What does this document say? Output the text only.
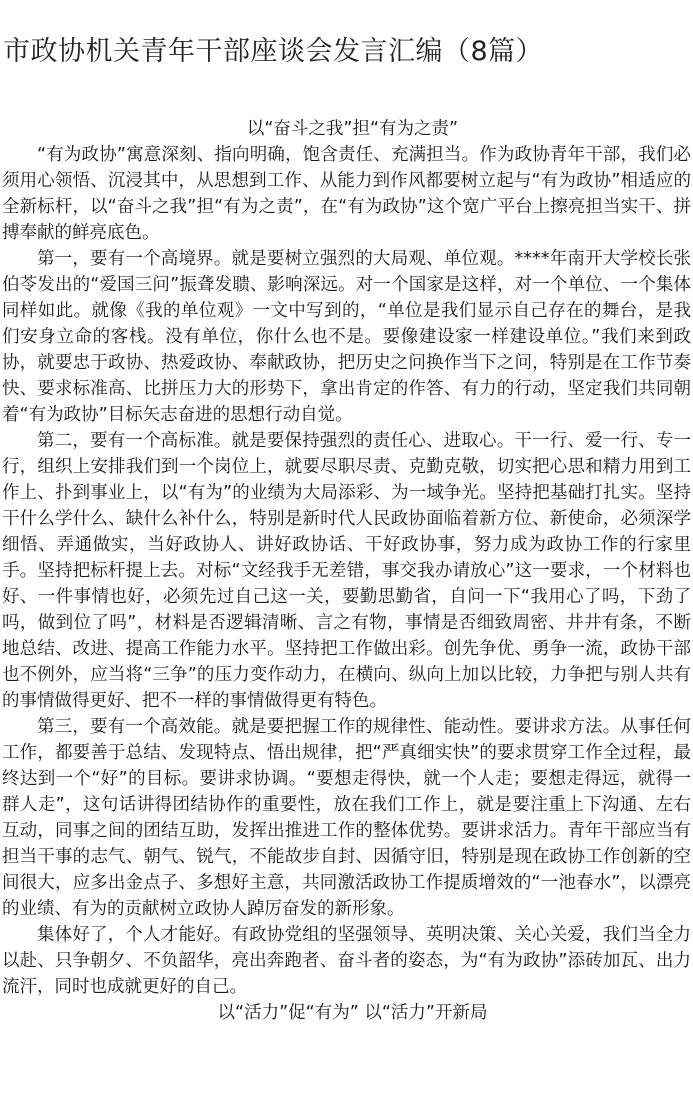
市政协机关青年干部座谈会发言汇编（8篇）

以“奋斗之我”担“有为之责”

“有为政协”寓意深刻、指向明确，饱含责任、充满担当。作为政协青年干部，我们必须用心领悟、沉浸其中，从思想到工作、从能力到作风都要树立起与“有为政协”相适应的全新标杆，以“奋斗之我”担“有为之责”，在“有为政协”这个宽广平台上擦亮担当实干、拼搏奉献的鲜亮底色。

第一，要有一个高境界。就是要树立强烈的大局观、单位观。****年南开大学校长张伯苓发出的“爱国三问”振聋发聩、影响深远。对一个国家是这样，对一个单位、一个集体同样如此。就像《我的单位观》一文中写到的，“单位是我们显示自己存在的舞台，是我们安身立命的客栈。没有单位，你什么也不是。要像建设家一样建设单位。”我们来到政协，就要忠于政协、热爱政协、奉献政协，把历史之问换作当下之问，特别是在工作节奏快、要求标准高、比拼压力大的形势下，拿出肯定的作答、有力的行动，坚定我们共同朝着“有为政协”目标矢志奋进的思想行动自觉。

第二，要有一个高标准。就是要保持强烈的责任心、进取心。干一行、爱一行、专一行，组织上安排我们到一个岗位上，就要尽职尽责、克勤克敬，切实把心思和精力用到工作上、扑到事业上，以“有为”的业绩为大局添彩、为一域争光。坚持把基础打扎实。坚持干什么学什么、缺什么补什么，特别是新时代人民政协面临着新方位、新使命，必须深学细悟、弄通做实，当好政协人、讲好政协话、干好政协事，努力成为政协工作的行家里手。坚持把标杆提上去。对标“文经我手无差错，事交我办请放心”这一要求，一个材料也好、一件事情也好，必须先过自己这一关，要勤思勤省，自问一下“我用心了吗，下劲了吗，做到位了吗”，材料是否逻辑清晰、言之有物，事情是否细致周密、井井有条，不断地总结、改进、提高工作能力水平。坚持把工作做出彩。创先争优、勇争一流，政协干部也不例外，应当将“三争”的压力变作动力，在横向、纵向上加以比较，力争把与别人共有的事情做得更好、把不一样的事情做得更有特色。

第三，要有一个高效能。就是要把握工作的规律性、能动性。要讲求方法。从事任何工作，都要善于总结、发现特点、悟出规律，把“严真细实快”的要求贯穿工作全过程，最终达到一个“好”的目标。要讲求协调。“要想走得快，就一个人走；要想走得远，就得一群人走”，这句话讲得团结协作的重要性，放在我们工作上，就是要注重上下沟通、左右互动，同事之间的团结互助，发挥出推进工作的整体优势。要讲求活力。青年干部应当有担当干事的志气、朝气、锐气，不能故步自封、因循守旧，特别是现在政协工作创新的空间很大，应多出金点子、多想好主意，共同激活政协工作提质增效的“一池春水”，以漂亮的业绩、有为的贡献树立政协人踔厉奋发的新形象。

集体好了，个人才能好。有政协党组的坚强领导、英明决策、关心关爱，我们当全力以赴、只争朝夕、不负韶华，亮出奔跑者、奋斗者的姿态，为“有为政协”添砖加瓦、出力流汗，同时也成就更好的自己。

以“活力”促“有为” 以“活力”开新局
